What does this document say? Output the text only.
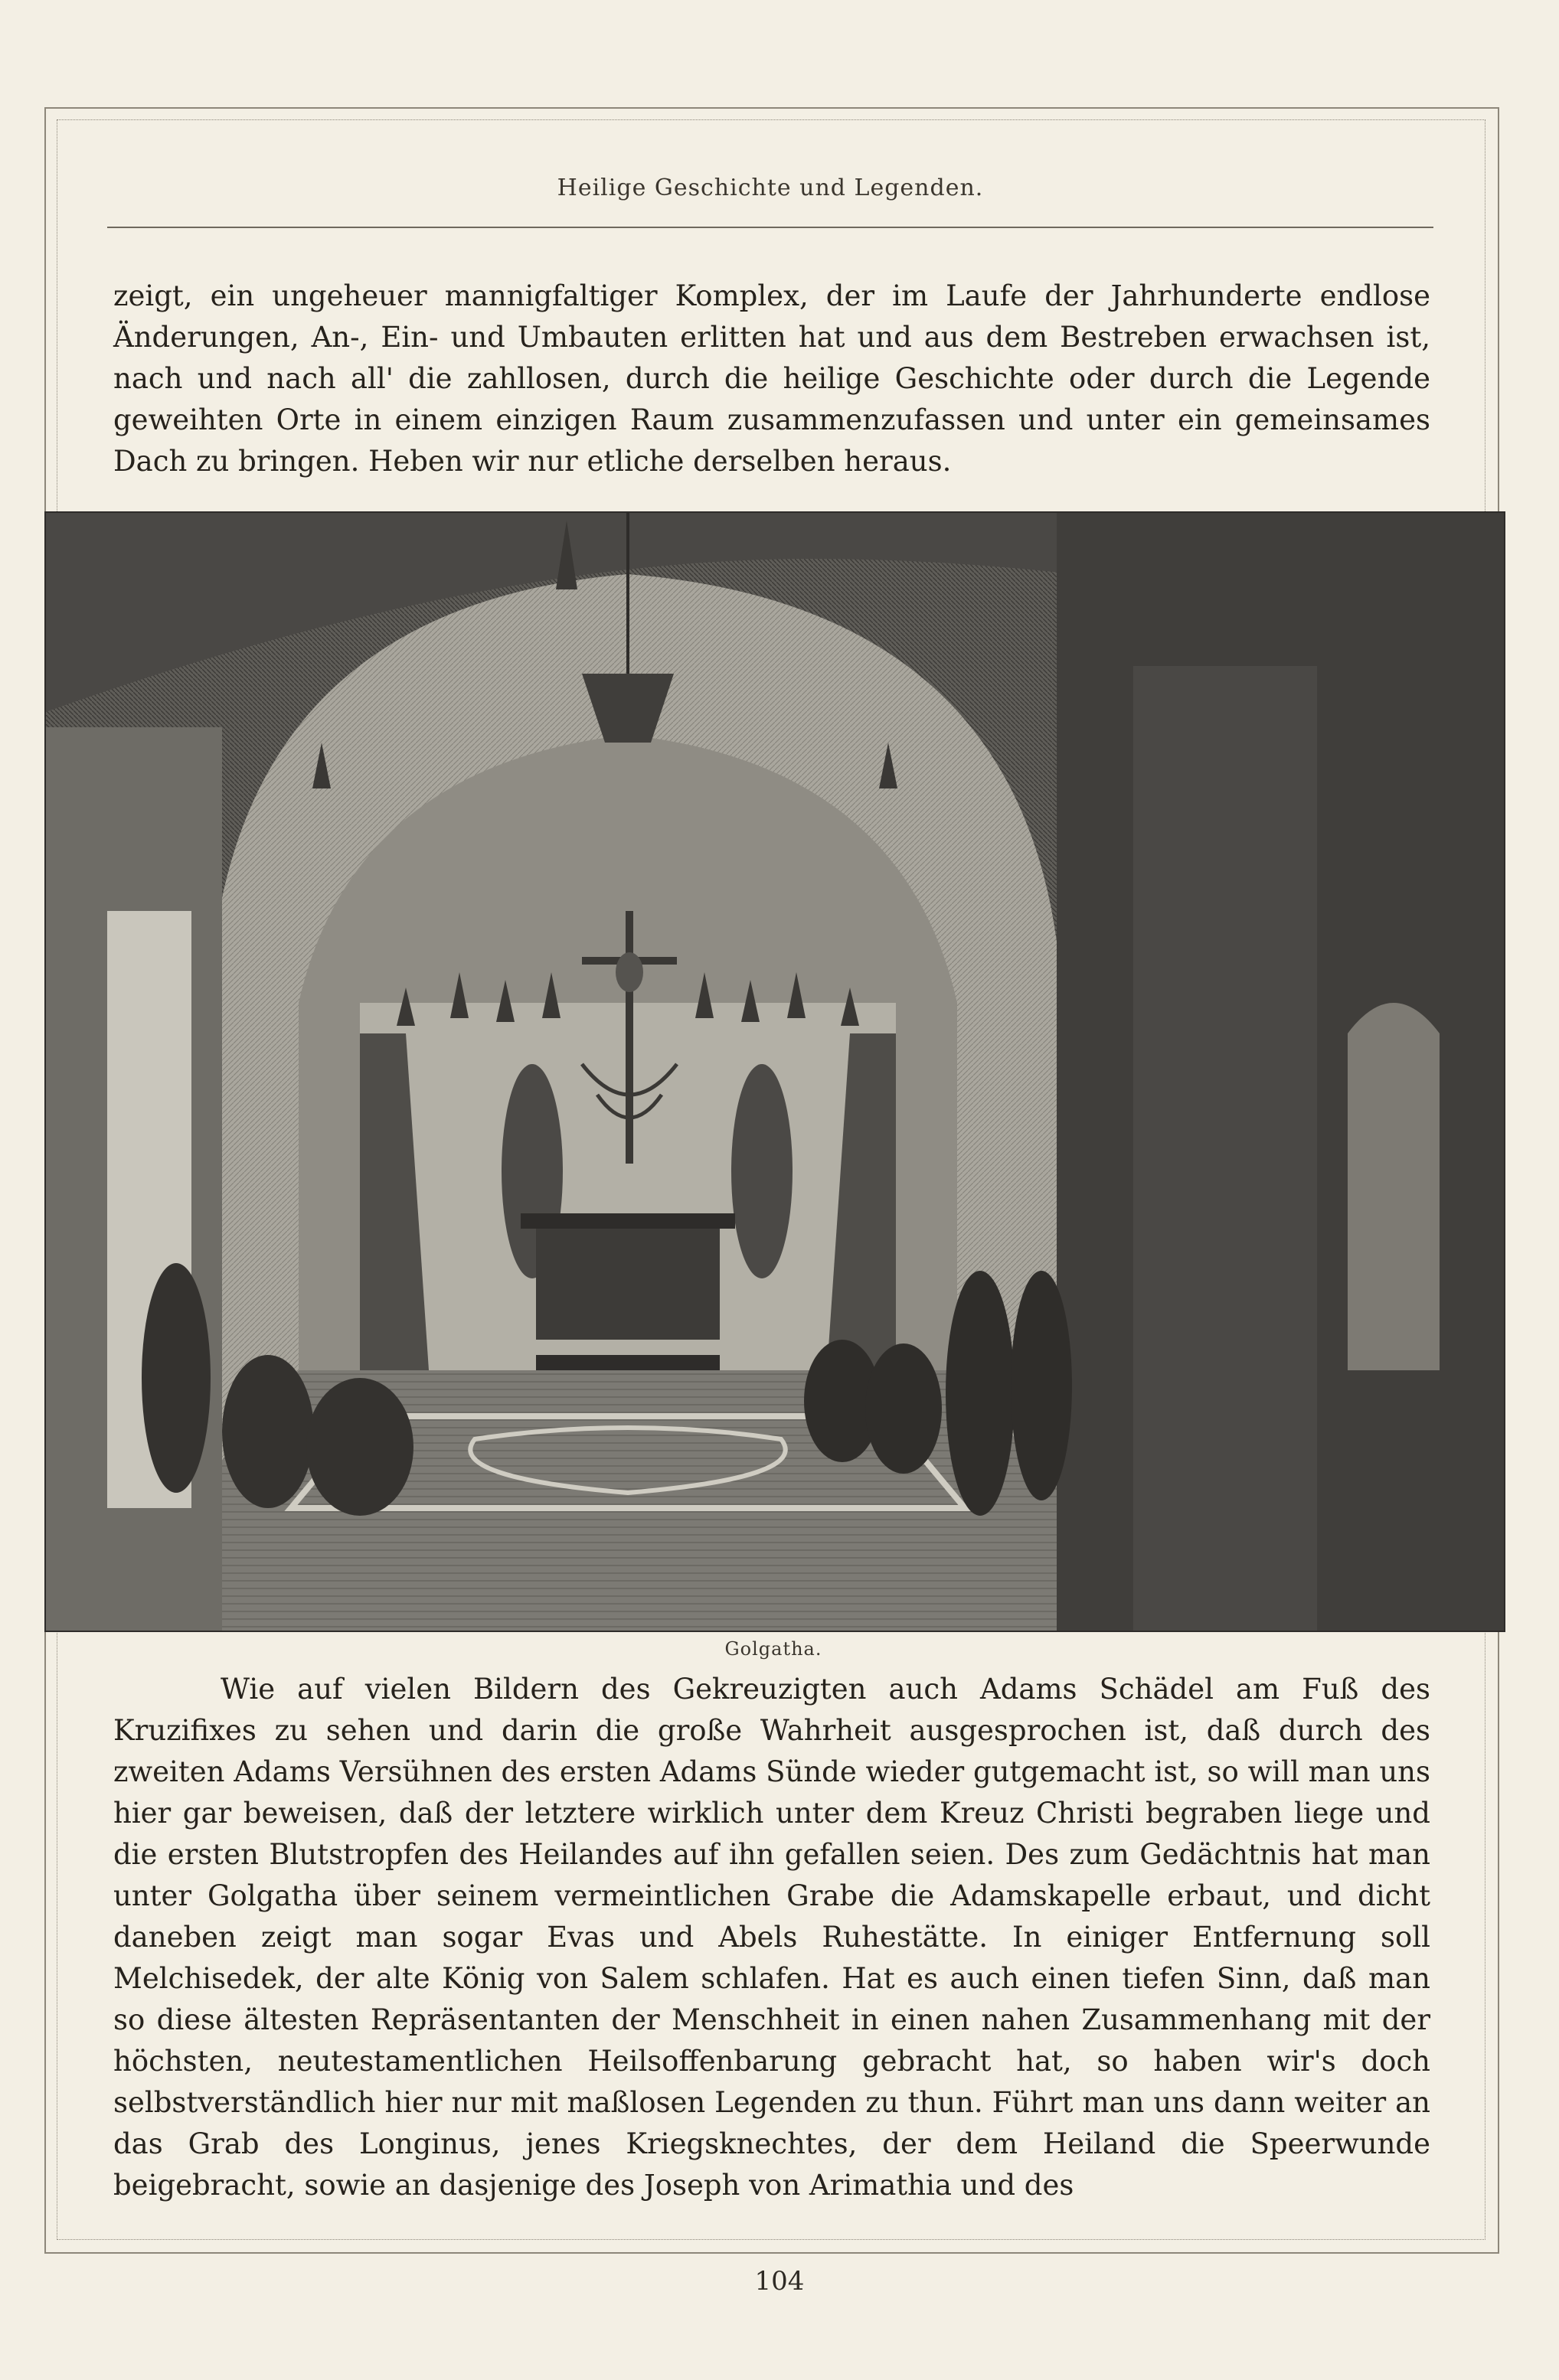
Heilige Geschichte und Legenden.

zeigt, ein ungeheuer mannigfaltiger Komplex, der im Laufe der Jahrhunderte endlose Änderungen, An-, Ein- und Umbauten erlitten hat und aus dem Bestreben erwachsen ist, nach und nach all' die zahllosen, durch die heilige Geschichte oder durch die Legende geweihten Orte in einem einzigen Raum zusammenzufassen und unter ein gemeinsames Dach zu bringen. Heben wir nur etliche derselben heraus.

Golgatha.

Wie auf vielen Bildern des Gekreuzigten auch Adams Schädel am Fuß des Kruzifixes zu sehen und darin die große Wahrheit ausgesprochen ist, daß durch des zweiten Adams Versühnen des ersten Adams Sünde wieder gutgemacht ist, so will man uns hier gar beweisen, daß der letztere wirklich unter dem Kreuz Christi begraben liege und die ersten Blutstropfen des Heilandes auf ihn gefallen seien. Des zum Gedächtnis hat man unter Golgatha über seinem vermeintlichen Grabe die Adamskapelle erbaut, und dicht daneben zeigt man sogar Evas und Abels Ruhestätte. In einiger Entfernung soll Melchisedek, der alte König von Salem schlafen. Hat es auch einen tiefen Sinn, daß man so diese ältesten Repräsentanten der Menschheit in einen nahen Zusammenhang mit der höchsten, neutestamentlichen Heilsoffenbarung gebracht hat, so haben wir's doch selbstverständlich hier nur mit maßlosen Legenden zu thun. Führt man uns dann weiter an das Grab des Longinus, jenes Kriegsknechtes, der dem Heiland die Speerwunde beigebracht, sowie an dasjenige des Joseph von Arimathia und des

104
